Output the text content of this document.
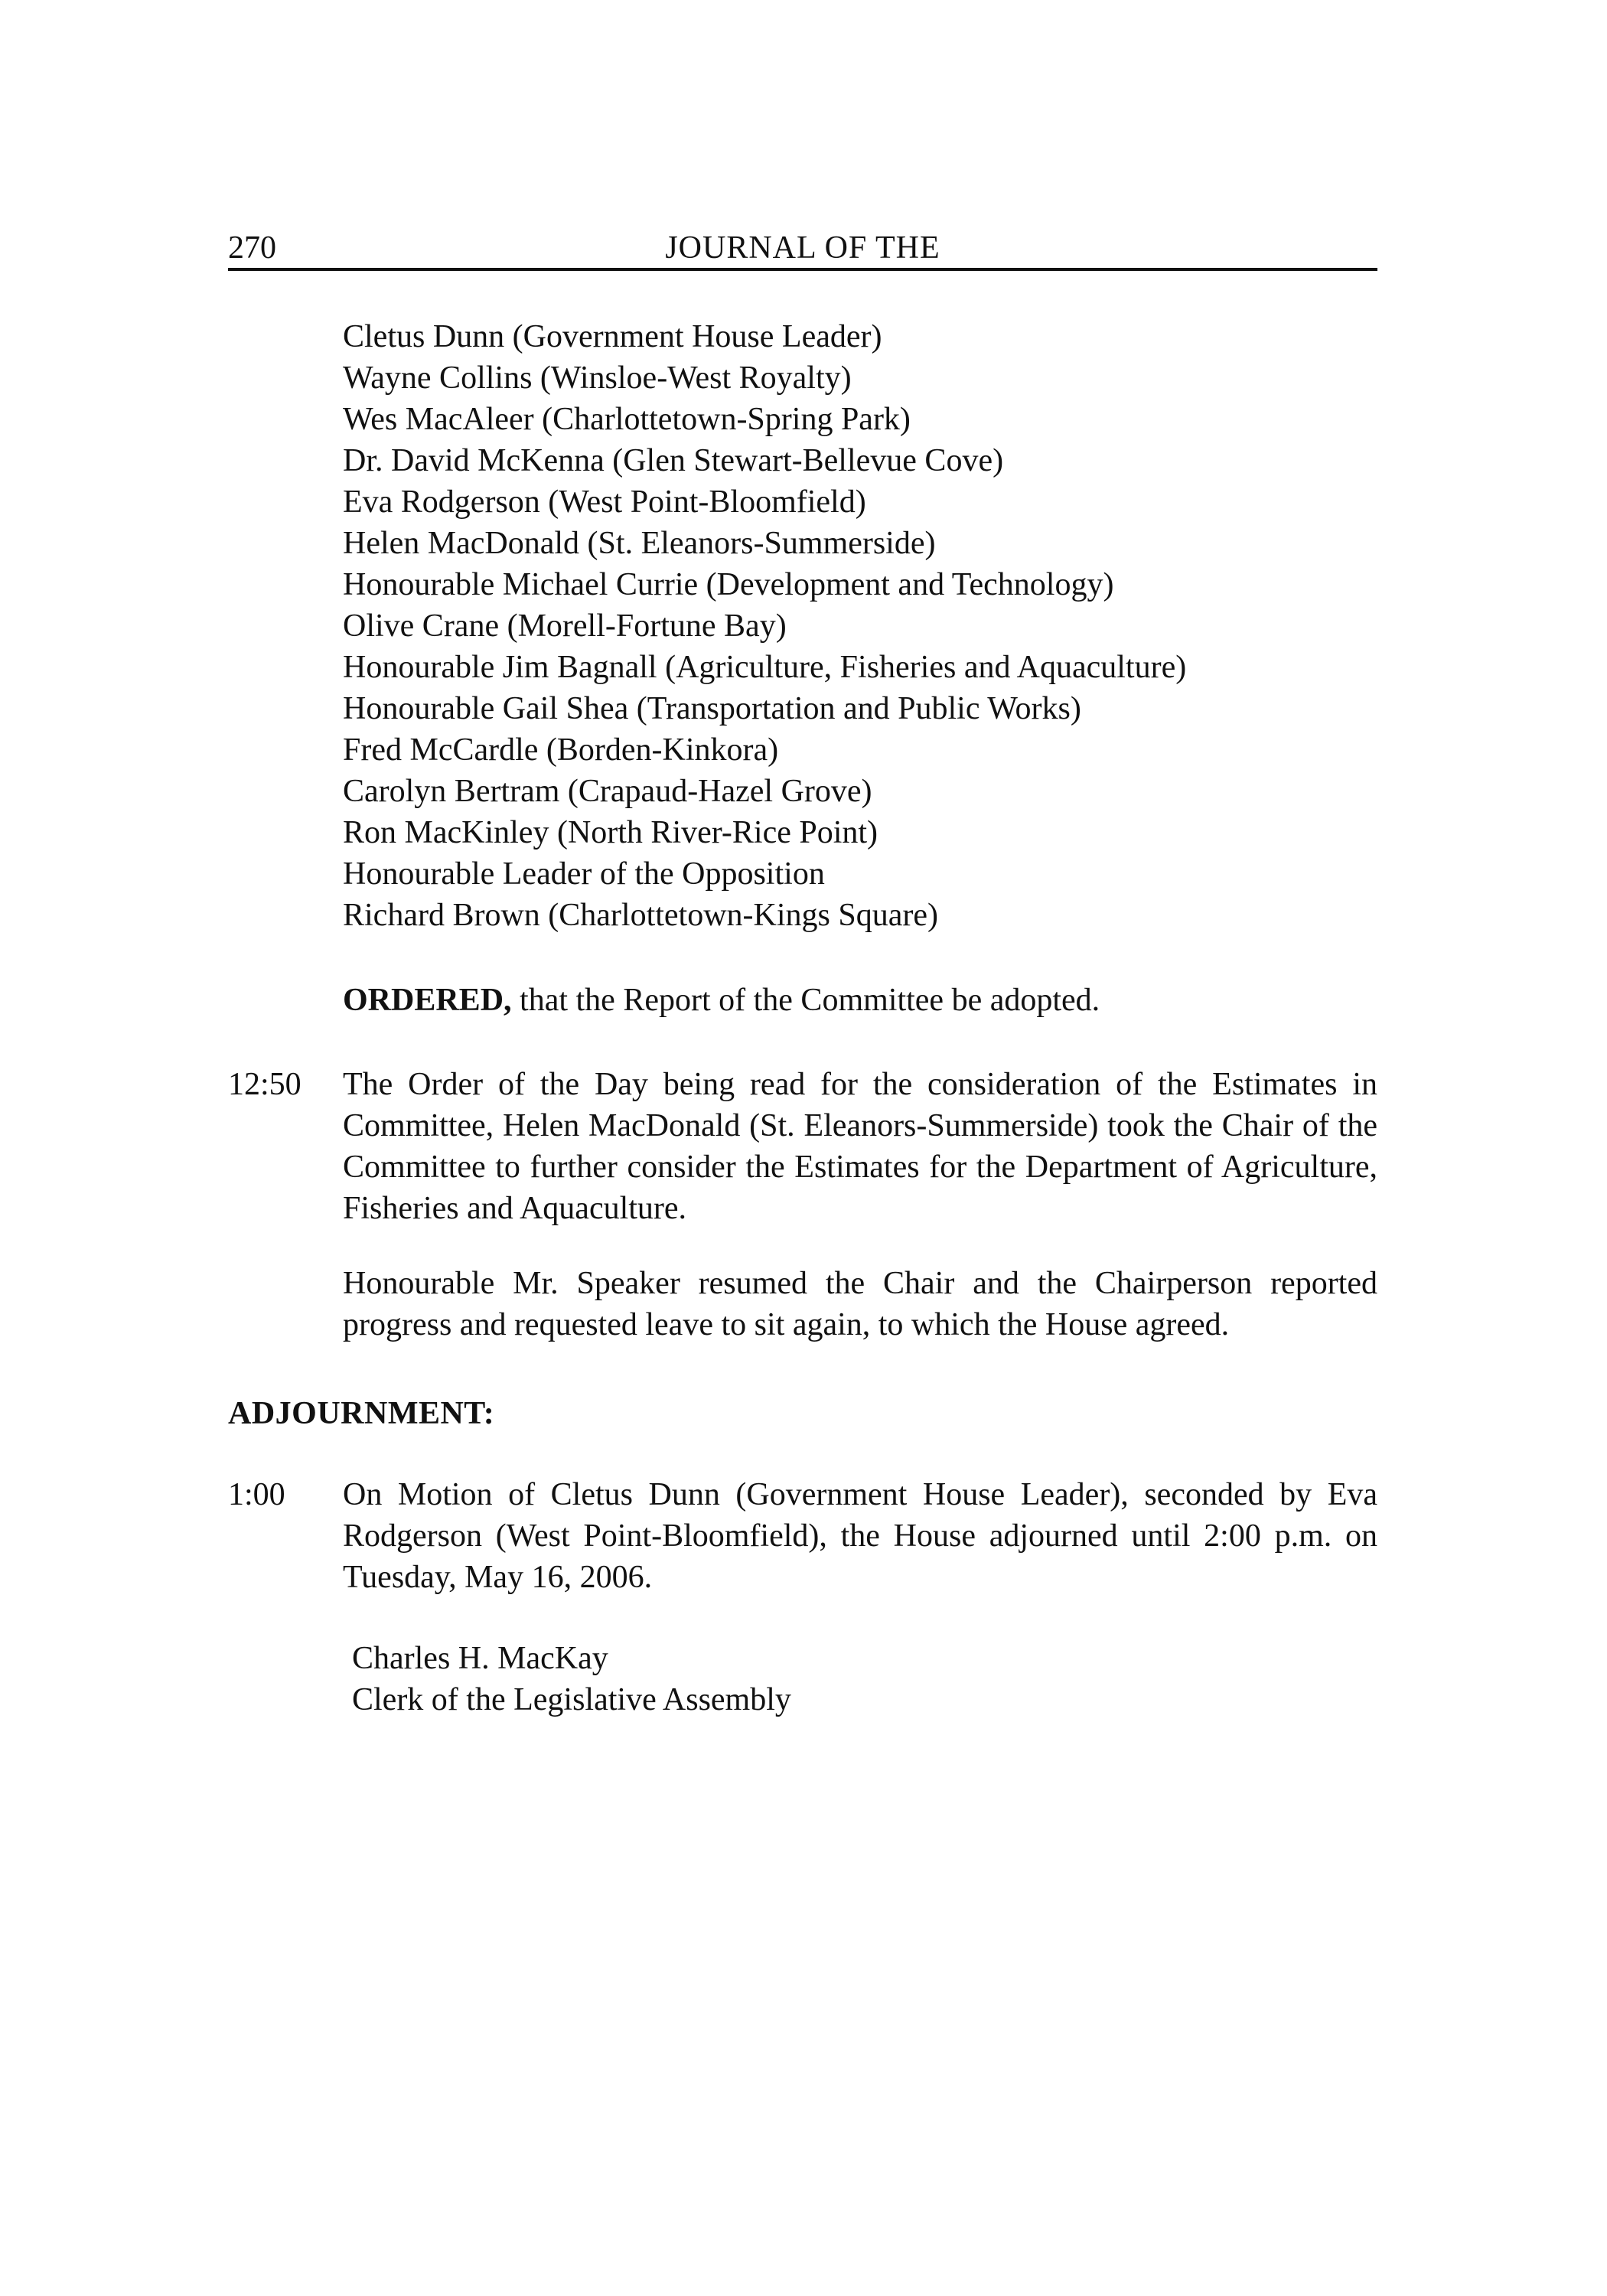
270	JOURNAL OF THE
Cletus Dunn (Government House Leader)
Wayne Collins (Winsloe-West Royalty)
Wes MacAleer (Charlottetown-Spring Park)
Dr. David McKenna (Glen Stewart-Bellevue Cove)
Eva Rodgerson (West Point-Bloomfield)
Helen MacDonald (St. Eleanors-Summerside)
Honourable Michael Currie (Development and Technology)
Olive Crane (Morell-Fortune Bay)
Honourable Jim Bagnall (Agriculture, Fisheries and Aquaculture)
Honourable Gail Shea (Transportation and Public Works)
Fred McCardle (Borden-Kinkora)
Carolyn Bertram (Crapaud-Hazel Grove)
Ron MacKinley (North River-Rice Point)
Honourable Leader of the Opposition
Richard Brown (Charlottetown-Kings Square)
ORDERED, that the Report of the Committee be adopted.
12:50 The Order of the Day being read for the consideration of the Estimates in Committee, Helen MacDonald (St. Eleanors-Summerside) took the Chair of the Committee to further consider the Estimates for the Department of Agriculture, Fisheries and Aquaculture.

Honourable Mr. Speaker resumed the Chair and the Chairperson reported progress and requested leave to sit again, to which the House agreed.

ADJOURNMENT:
1:00 On Motion of Cletus Dunn (Government House Leader), seconded by Eva Rodgerson (West Point-Bloomfield), the House adjourned until 2:00 p.m. on Tuesday, May 16, 2006.

Charles H. MacKay
Clerk of the Legislative Assembly
